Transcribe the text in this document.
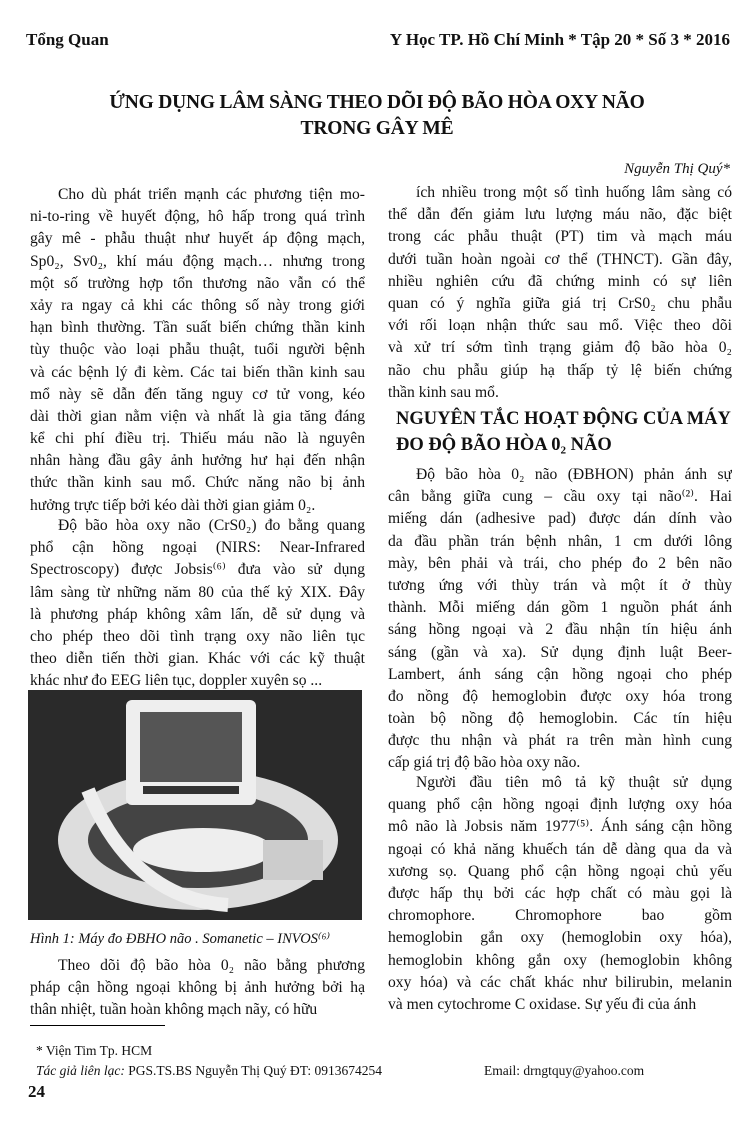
Tổng Quan	Y Học TP. Hồ Chí Minh * Tập 20 * Số 3 * 2016
ỨNG DỤNG LÂM SÀNG THEO DÕI ĐỘ BÃO HÒA OXY NÃO
TRONG GÂY MÊ
Nguyễn Thị Quý*
Cho dù phát triển mạnh các phương tiện mo-
ni-to-ring về huyết động, hô hấp trong quá trình
gây mê - phẫu thuật như huyết áp động mạch,
Sp0₂, Sv0₂, khí máu động mạch… nhưng trong
một số trường hợp tổn thương não vẫn có thể
xảy ra ngay cả khi các thông số này trong giới
hạn bình thường. Tần suất biến chứng thần kinh
tùy thuộc vào loại phẫu thuật, tuổi người bệnh
và các bệnh lý đi kèm. Các tai biến thần kinh sau
mổ này sẽ dẫn đến tăng nguy cơ tử vong, kéo
dài thời gian nằm viện và nhất là gia tăng đáng
kể chi phí điều trị. Thiếu máu não là nguyên
nhân hàng đầu gây ảnh hưởng hư hại đến nhận
thức thần kinh sau mổ. Chức năng não bị ảnh
hưởng trực tiếp bởi kéo dài thời gian giảm 0₂.
Độ bão hòa oxy não (CrS0₂) đo bằng quang
phổ cận hồng ngoại (NIRS: Near-Infrared
Spectroscopy) được Jobsis⁽⁶⁾ đưa vào sử dụng
lâm sàng từ những năm 80 của thế kỷ XIX. Đây
là phương pháp không xâm lấn, dễ sử dụng và
cho phép theo dõi tình trạng oxy não liên tục
theo diễn tiến thời gian. Khác với các kỹ thuật
khác như đo EEG liên tục, doppler xuyên sọ ...
Hình 1: Máy đo ĐBHO não . Somanetic – INVOS⁽⁶⁾
Theo dõi độ bão hòa 0₂ não bằng phương
pháp cận hồng ngoại không bị ảnh hưởng bởi hạ
thân nhiệt, tuần hoàn không mạch nãy, có hữu
ích nhiều trong một số tình huống lâm sàng có
thể dẫn đến giảm lưu lượng máu não, đặc biệt
trong các phẫu thuật (PT) tim và mạch máu
dưới tuần hoàn ngoài cơ thể (THNCT). Gần đây,
nhiều nghiên cứu đã chứng minh có sự liên
quan có ý nghĩa giữa giá trị CrS0₂ chu phẫu
với rối loạn nhận thức sau mổ. Việc theo dõi
và xử trí sớm tình trạng giảm độ bão hòa 0₂
não chu phẫu giúp hạ thấp tỷ lệ biến chứng
thần kinh sau mổ.
NGUYÊN TẮC HOẠT ĐỘNG CỦA MÁY
ĐO ĐỘ BÃO HÒA 0₂ NÃO
Độ bão hòa 0₂ não (ĐBHON) phản ánh sự
cân bằng giữa cung – cầu oxy tại não⁽²⁾. Hai
miếng dán (adhesive pad) được dán dính vào
da đầu phần trán bệnh nhân, 1 cm dưới lông
mày, bên phải và trái, cho phép đo 2 bên não
tương ứng với thùy trán và một ít ở thùy
thành. Mỗi miếng dán gồm 1 nguồn phát ánh
sáng hồng ngoại và 2 đầu nhận tín hiệu ánh
sáng (gần và xa). Sử dụng định luật Beer-
Lambert, ánh sáng cận hồng ngoại cho phép
đo nồng độ hemoglobin được oxy hóa trong
toàn bộ nồng độ hemoglobin. Các tín hiệu
được thu nhận và phát ra trên màn hình cung
cấp giá trị độ bão hòa oxy não.
Người đầu tiên mô tả kỹ thuật sử dụng
quang phổ cận hồng ngoại định lượng oxy hóa
mô não là Jobsis năm 1977⁽⁵⁾. Ánh sáng cận hồng
ngoại có khả năng khuếch tán dễ dàng qua da và
xương sọ. Quang phổ cận hồng ngoại chủ yếu
được hấp thụ bởi các hợp chất có màu gọi là
chromophore. Chromophore bao gồm
hemoglobin gắn oxy (hemoglobin oxy hóa),
hemoglobin không gắn oxy (hemoglobin không
oxy hóa) và các chất khác như bilirubin, melanin
và men cytochrome C oxidase. Sự yếu đi của ánh
* Viện Tim Tp. HCM
Tác giả liên lạc: PGS.TS.BS Nguyễn Thị Quý ĐT: 0913674254	Email: drngtquy@yahoo.com
24
